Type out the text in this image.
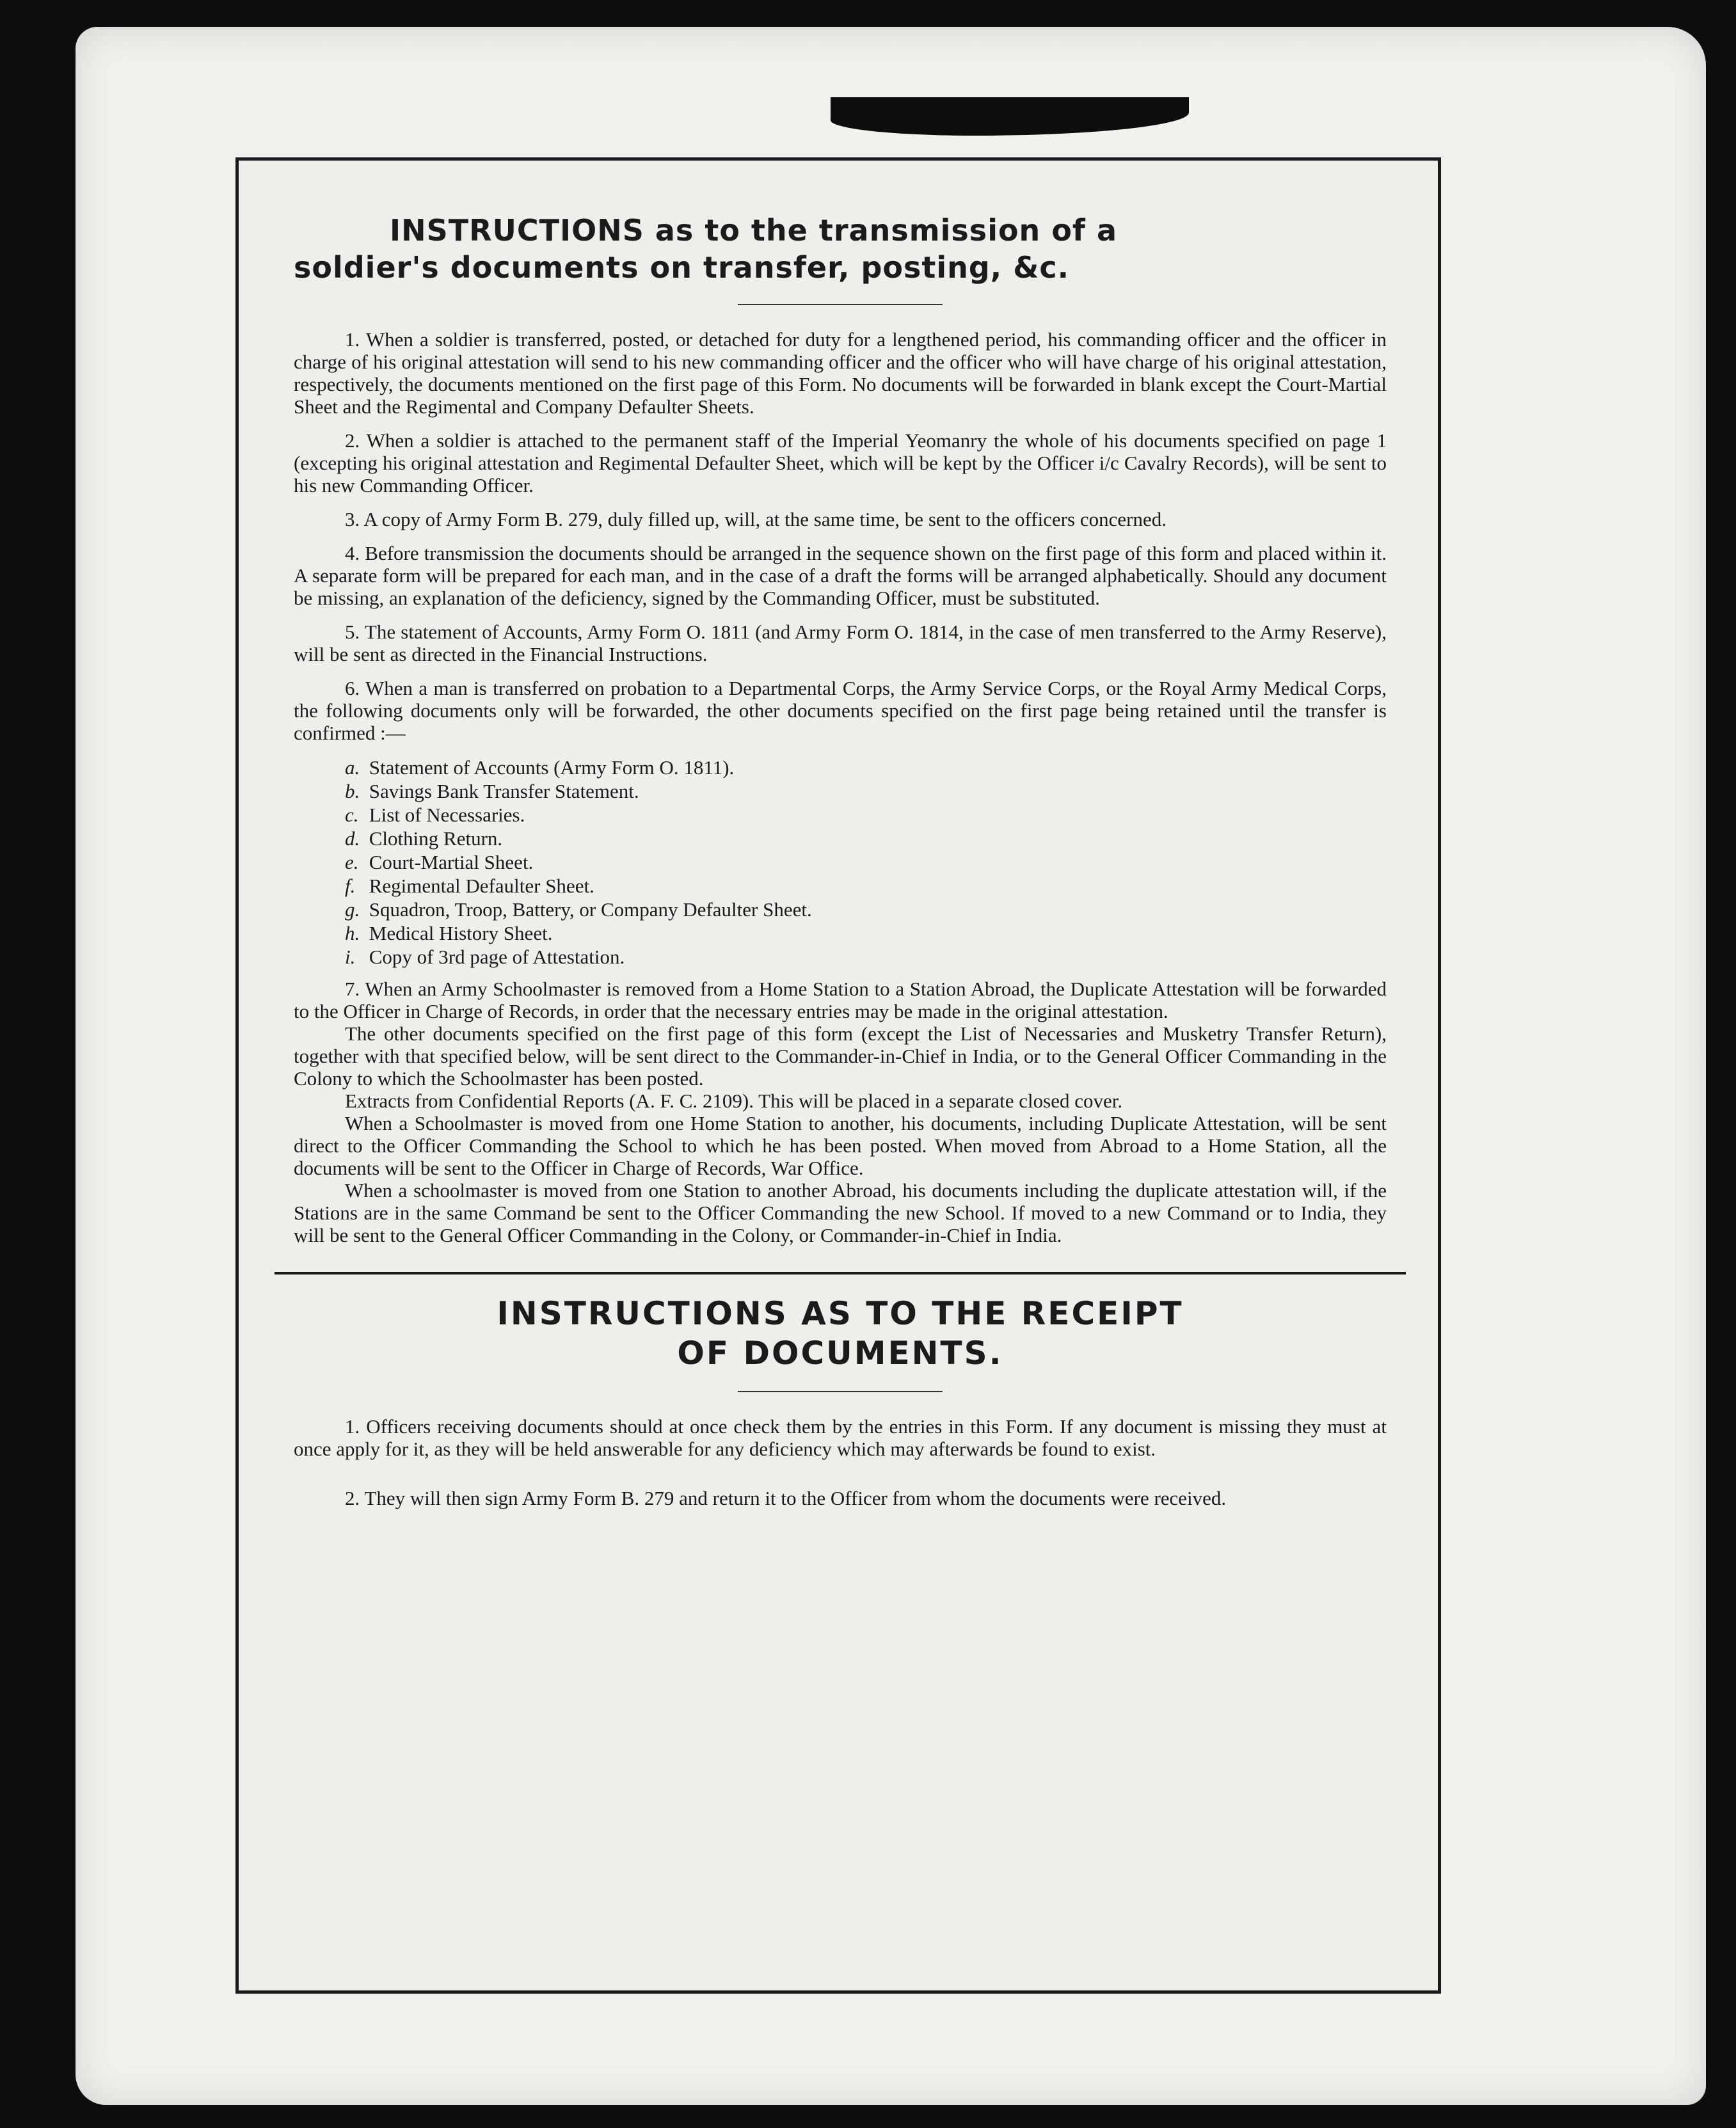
INSTRUCTIONS as to the transmission of a
soldier's documents on transfer, posting, &c.

1. When a soldier is transferred, posted, or detached for duty for a lengthened period, his commanding officer and the officer in charge of his original attestation will send to his new commanding officer and the officer who will have charge of his original attestation, respectively, the documents mentioned on the first page of this Form. No documents will be forwarded in blank except the Court-Martial Sheet and the Regimental and Company Defaulter Sheets.

2. When a soldier is attached to the permanent staff of the Imperial Yeomanry the whole of his documents specified on page 1 (excepting his original attestation and Regimental Defaulter Sheet, which will be kept by the Officer i/c Cavalry Records), will be sent to his new Commanding Officer.

3. A copy of Army Form B. 279, duly filled up, will, at the same time, be sent to the officers concerned.

4. Before transmission the documents should be arranged in the sequence shown on the first page of this form and placed within it. A separate form will be prepared for each man, and in the case of a draft the forms will be arranged alphabetically. Should any document be missing, an explanation of the deficiency, signed by the Commanding Officer, must be substituted.

5. The statement of Accounts, Army Form O. 1811 (and Army Form O. 1814, in the case of men transferred to the Army Reserve), will be sent as directed in the Financial Instructions.

6. When a man is transferred on probation to a Departmental Corps, the Army Service Corps, or the Royal Army Medical Corps, the following documents only will be forwarded, the other documents specified on the first page being retained until the transfer is confirmed :—

a. Statement of Accounts (Army Form O. 1811).
b. Savings Bank Transfer Statement.
c. List of Necessaries.
d. Clothing Return.
e. Court-Martial Sheet.
f. Regimental Defaulter Sheet.
g. Squadron, Troop, Battery, or Company Defaulter Sheet.
h. Medical History Sheet.
i. Copy of 3rd page of Attestation.

7. When an Army Schoolmaster is removed from a Home Station to a Station Abroad, the Duplicate Attestation will be forwarded to the Officer in Charge of Records, in order that the necessary entries may be made in the original attestation.

The other documents specified on the first page of this form (except the List of Necessaries and Musketry Transfer Return), together with that specified below, will be sent direct to the Commander-in-Chief in India, or to the General Officer Commanding in the Colony to which the Schoolmaster has been posted.

Extracts from Confidential Reports (A. F. C. 2109). This will be placed in a separate closed cover.

When a Schoolmaster is moved from one Home Station to another, his documents, including Duplicate Attestation, will be sent direct to the Officer Commanding the School to which he has been posted. When moved from Abroad to a Home Station, all the documents will be sent to the Officer in Charge of Records, War Office.

When a schoolmaster is moved from one Station to another Abroad, his documents including the duplicate attestation will, if the Stations are in the same Command be sent to the Officer Commanding the new School. If moved to a new Command or to India, they will be sent to the General Officer Commanding in the Colony, or Commander-in-Chief in India.

INSTRUCTIONS AS TO THE RECEIPT
OF DOCUMENTS.

1. Officers receiving documents should at once check them by the entries in this Form. If any document is missing they must at once apply for it, as they will be held answerable for any deficiency which may afterwards be found to exist.

2. They will then sign Army Form B. 279 and return it to the Officer from whom the documents were received.
